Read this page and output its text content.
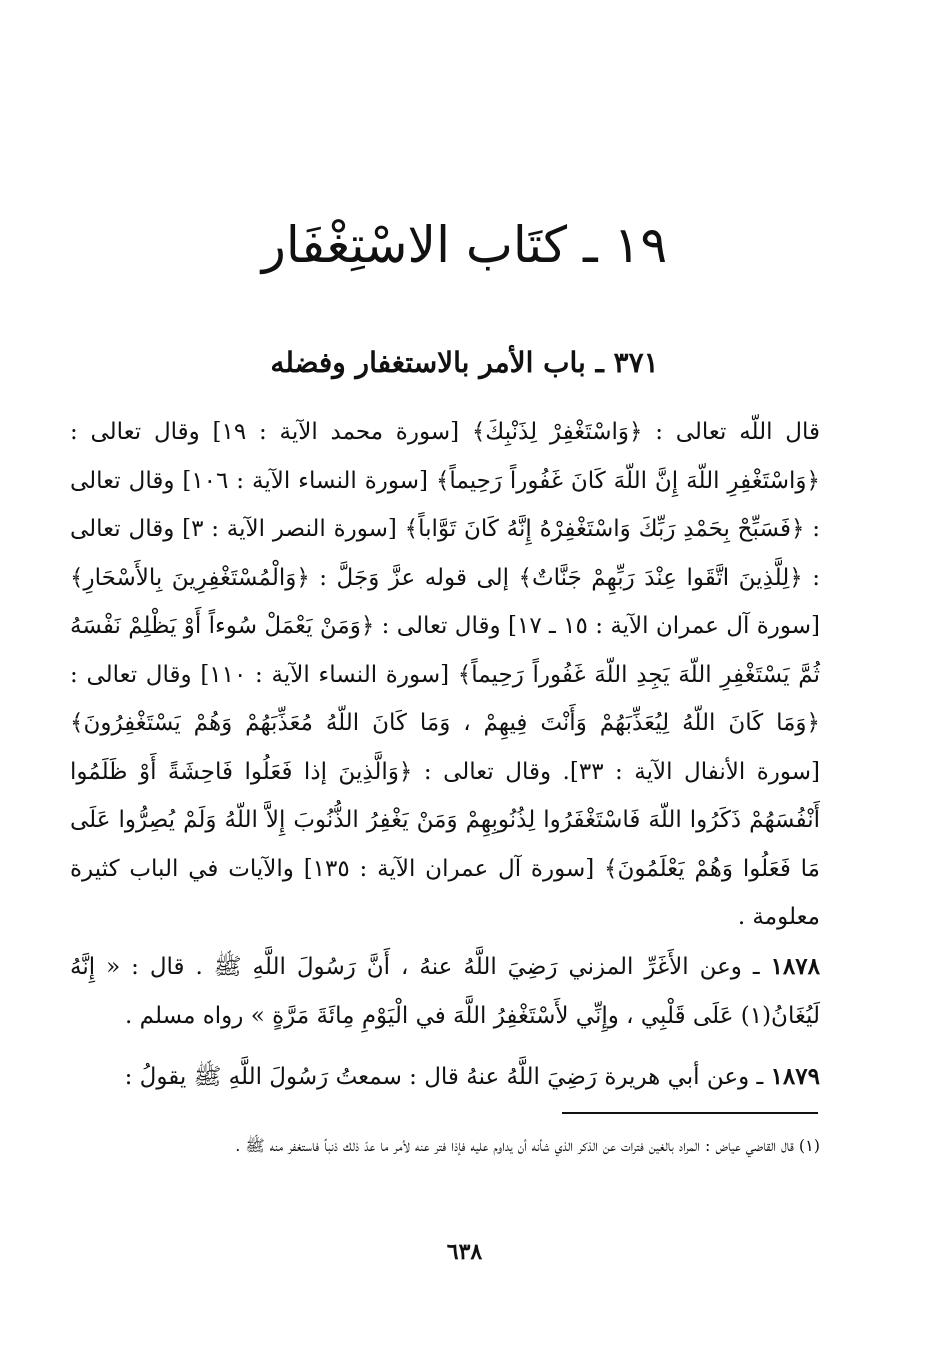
١٩ ـ كتَاب الاسْتِغْفَار
٣٧١ ـ باب الأمر بالاستغفار وفضله

قال اللّه تعالى : ﴿وَاسْتَغْفِرْ لِذَنْبِكَ﴾ [سورة محمد الآية : ١٩] وقال تعالى : ﴿وَاسْتَغْفِرِ اللّهَ إِنَّ اللّهَ كَانَ غَفُوراً رَحِيماً﴾ [سورة النساء الآية : ١٠٦] وقال تعالى : ﴿فَسَبِّحْ بِحَمْدِ رَبِّكَ وَاسْتَغْفِرْهُ إِنَّهُ كَانَ تَوَّاباً﴾ [سورة النصر الآية : ٣] وقال تعالى : ﴿لِلَّذِينَ اتَّقَوا عِنْدَ رَبِّهِمْ جَنَّاتٌ﴾ إلى قوله عزَّ وَجَلَّ : ﴿وَالْمُسْتَغْفِرِينَ بِالأَسْحَارِ﴾ [سورة آل عمران الآية : ١٥ ـ ١٧] وقال تعالى : ﴿وَمَنْ يَعْمَلْ سُوءاً أَوْ يَظْلِمْ نَفْسَهُ ثُمَّ يَسْتَغْفِرِ اللّهَ يَجِدِ اللّهَ غَفُوراً رَحِيماً﴾ [سورة النساء الآية : ١١٠] وقال تعالى : ﴿وَمَا كَانَ اللّهُ لِيُعَذِّبَهُمْ وَأَنْتَ فِيهِمْ ، وَمَا كَانَ اللّهُ مُعَذِّبَهُمْ وَهُمْ يَسْتَغْفِرُونَ﴾ [سورة الأنفال الآية : ٣٣]. وقال تعالى : ﴿وَالَّذِينَ إذا فَعَلُوا فَاحِشَةً أَوْ ظَلَمُوا أَنْفُسَهُمْ ذَكَرُوا اللّهَ فَاسْتَغْفَرُوا لِذُنُوبِهِمْ وَمَنْ يَغْفِرُ الذُّنُوبَ إِلاَّ اللّهُ وَلَمْ يُصِرُّوا عَلَى مَا فَعَلُوا وَهُمْ يَعْلَمُونَ﴾ [سورة آل عمران الآية : ١٣٥] والآيات في الباب كثيرة معلومة .

١٨٧٨ ـ وعن الأَغَرِّ المزني رَضِيَ اللَّهُ عنهُ ، أَنَّ رَسُولَ اللَّهِ ﷺ . قال : « إِنَّهُ لَيُغَانُ(١) عَلَى قَلْبِي ، وإِنِّي لأَسْتَغْفِرُ اللَّهَ في الْيَوْمِ مِائَةَ مَرَّةٍ » رواه مسلم .

١٨٧٩ ـ وعن أبي هريرة رَضِيَ اللَّهُ عنهُ قال : سمعتُ رَسُولَ اللَّهِ ﷺ يقولُ :

(١) قال القاضي عياض : المراد بالغين فترات عن الذكر الذي شأنه أن يداوم عليه فإذا فتر عنه لأمر ما عدّ ذلك ذنباً فاستغفر منه ﷺ .

٦٣٨
